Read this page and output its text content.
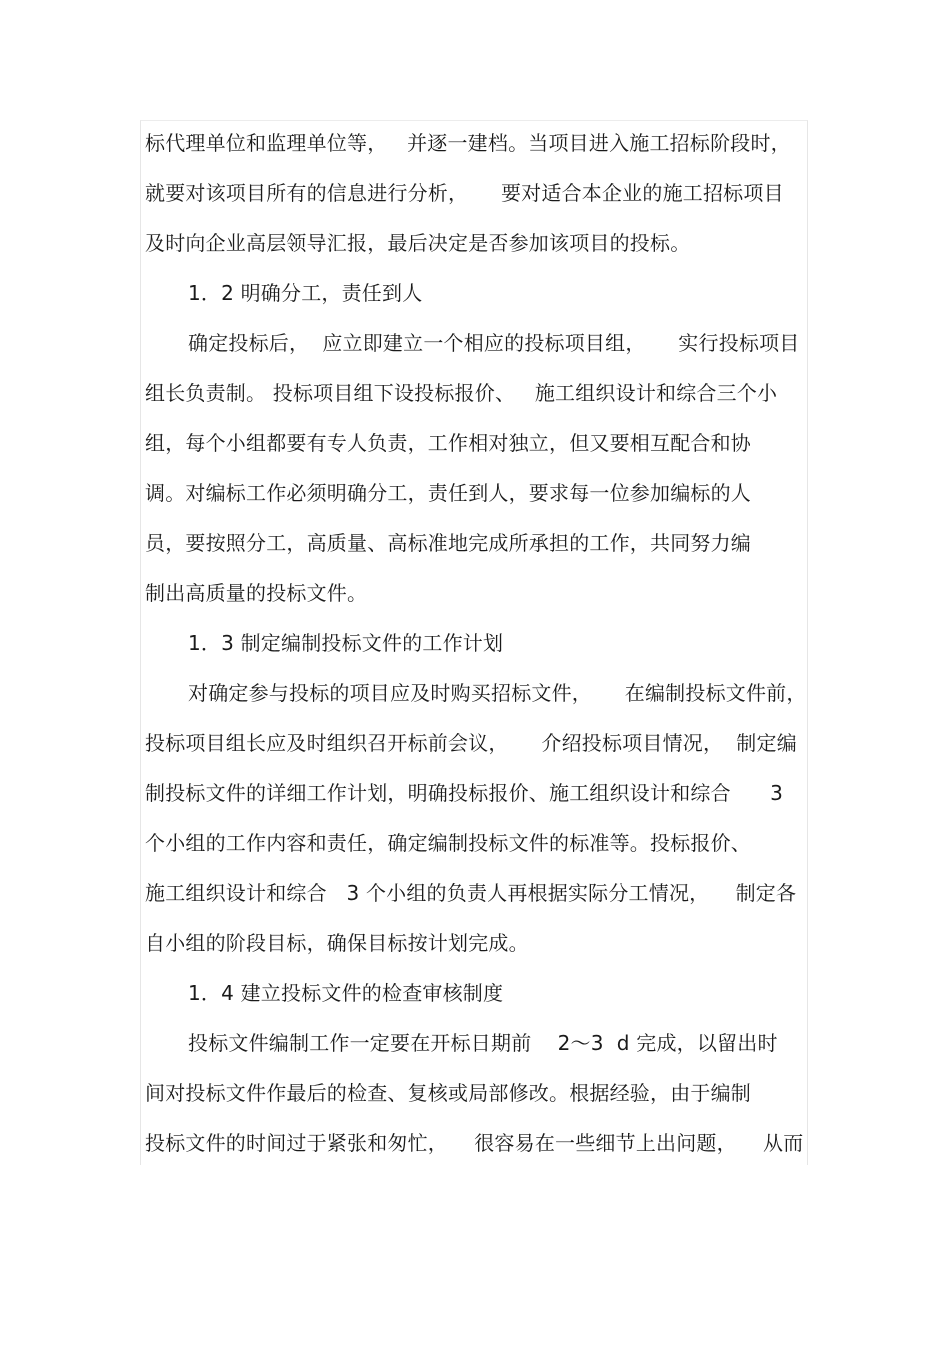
标代理单位和监理单位等，   并逐一建档。当项目进入施工招标阶段时，
就要对该项目所有的信息进行分析，     要对适合本企业的施工招标项目
及时向企业高层领导汇报，最后决定是否参加该项目的投标。
1．2 明确分工，责任到人
确定投标后，  应立即建立一个相应的投标项目组，     实行投标项目
组长负责制。 投标项目组下设投标报价、   施工组织设计和综合三个小
组，每个小组都要有专人负责，工作相对独立，但又要相互配合和协
调。对编标工作必须明确分工，责任到人，要求每一位参加编标的人
员，要按照分工，高质量、高标准地完成所承担的工作，共同努力编
制出高质量的投标文件。
1．3 制定编制投标文件的工作计划
对确定参与投标的项目应及时购买招标文件，     在编制投标文件前，
投标项目组长应及时组织召开标前会议，     介绍投标项目情况，  制定编
制投标文件的详细工作计划，明确投标报价、施工组织设计和综合      3
个小组的工作内容和责任，确定编制投标文件的标准等。投标报价、
施工组织设计和综合   3 个小组的负责人再根据实际分工情况，    制定各
自小组的阶段目标，确保目标按计划完成。
1．4 建立投标文件的检查审核制度
投标文件编制工作一定要在开标日期前    2～3  d 完成，以留出时
间对投标文件作最后的检查、复核或局部修改。根据经验，由于编制
投标文件的时间过于紧张和匆忙，    很容易在一些细节上出问题，    从而
